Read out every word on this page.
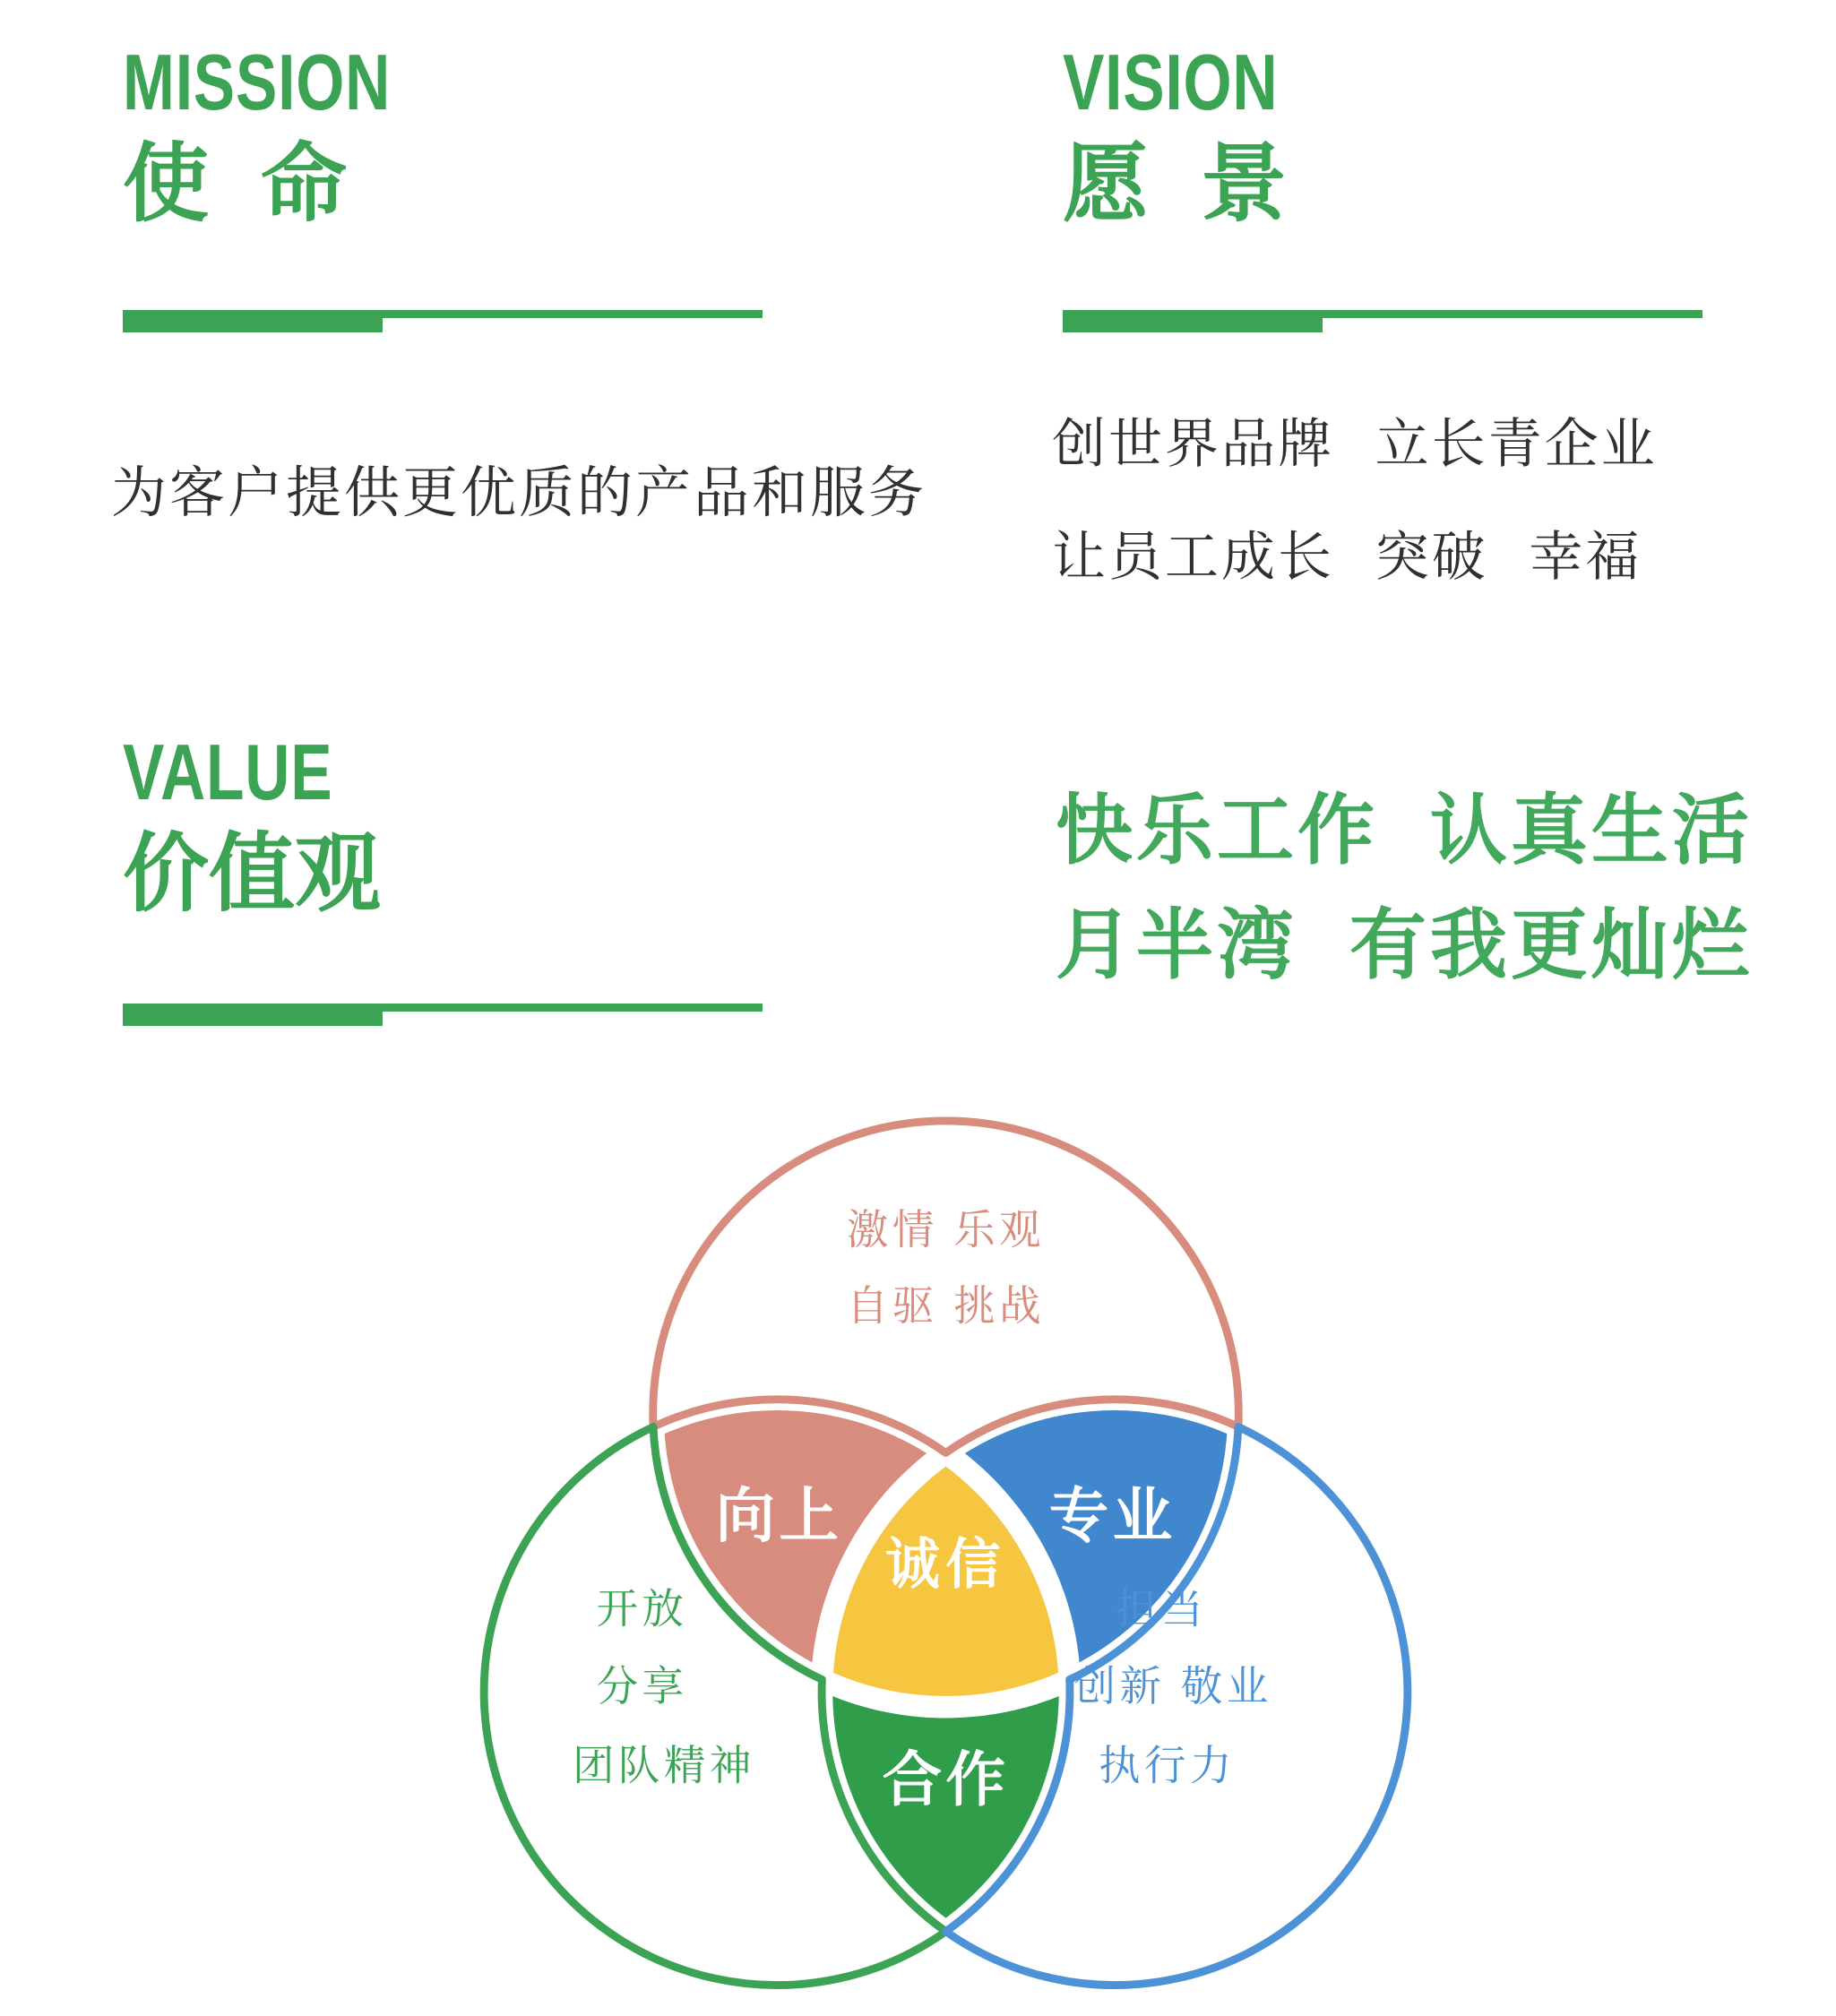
MISSION
使命
VISION
愿景
为客户提供更优质的产品和服务
创世界品牌 立长青企业
让员工成长 突破 幸福
VALUE
价值观	快乐工作 认真生活
月半湾 有我更灿烂
激情 乐观
自驱 挑战
开放
分享
团队精神
担当
创新 敬业
执行力
向上	专业
合作
诚信
